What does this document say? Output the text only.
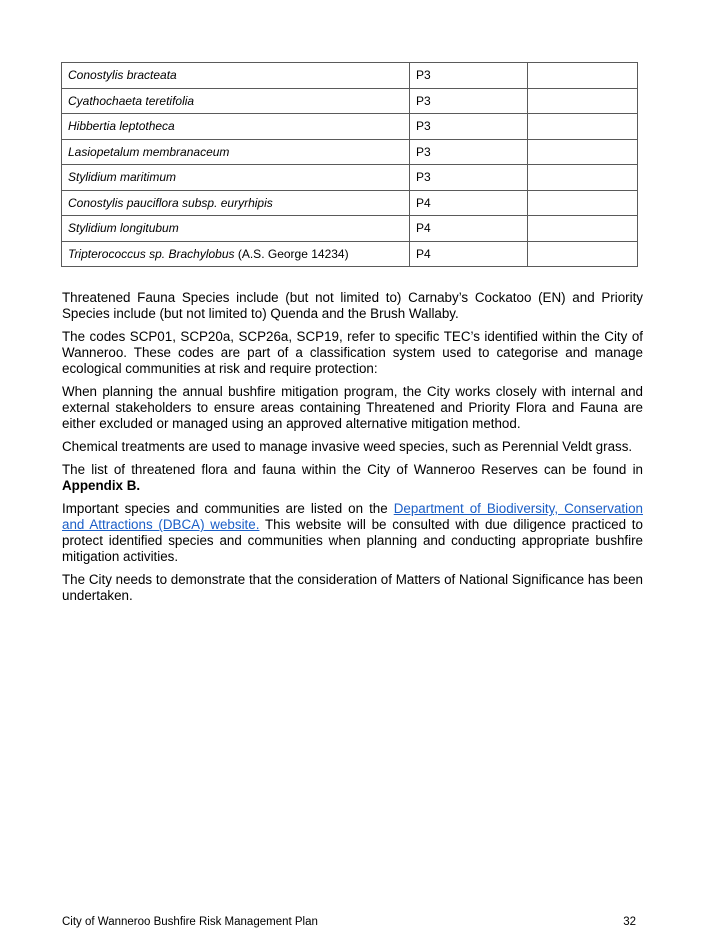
Conostylis bracteata	P3	
Cyathochaeta teretifolia	P3	
Hibbertia leptotheca	P3	
Lasiopetalum membranaceum	P3	
Stylidium maritimum	P3	
Conostylis pauciflora subsp. euryrhipis	P4	
Stylidium longitubum	P4	
Tripterococcus sp. Brachylobus (A.S. George 14234)	P4	

Threatened Fauna Species include (but not limited to) Carnaby’s Cockatoo (EN) and Priority Species include (but not limited to) Quenda and the Brush Wallaby.

The codes SCP01, SCP20a, SCP26a, SCP19, refer to specific TEC’s identified within the City of Wanneroo. These codes are part of a classification system used to categorise and manage ecological communities at risk and require protection:

When planning the annual bushfire mitigation program, the City works closely with internal and external stakeholders to ensure areas containing Threatened and Priority Flora and Fauna are either excluded or managed using an approved alternative mitigation method.

Chemical treatments are used to manage invasive weed species, such as Perennial Veldt grass.

The list of threatened flora and fauna within the City of Wanneroo Reserves can be found in Appendix B.

Important species and communities are listed on the Department of Biodiversity, Conservation and Attractions (DBCA) website. This website will be consulted with due diligence practiced to protect identified species and communities when planning and conducting appropriate bushfire mitigation activities.

The City needs to demonstrate that the consideration of Matters of National Significance has been undertaken.

City of Wanneroo Bushfire Risk Management Plan	32
